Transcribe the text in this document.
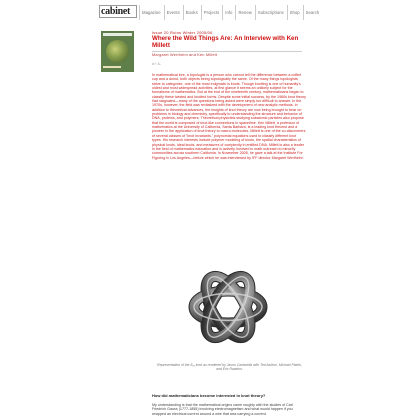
cabinet	Magazine	Events	Books	Projects	Info	Renew	Subscriptions	Shop	Search
Issue 20 Ruins Winter 2005/06
Where the Wild Things Are: An Interview with Ken Millett
Margaret Wertheim and Ken Millett
A+ A-

In mathematical lore, a topologist is a person who cannot tell the difference between a coffee cup and a donut, both objects being topologically the same. Of the many things topologists strive to categorize, one of the most enigmatic is knots. Though knotting is one of humanity's oldest and most widespread activities, at first glance it seems an unlikely subject for the formalisms of mathematics. But at the end of the nineteenth century, mathematicians began to classify these twisted and knotted forms. Despite some initial success, by the 1960s knot theory had stagnated—many of the questions being asked were simply too difficult to answer. In the 1970s, however, the field was revitalized with the development of new analytic methods. In addition to theoretical advances, the insights of knot theory are now being brought to bear on problems in biology and chemistry, specifically to understanding the structure and behavior of DNA, proteins, and polymers. Theoretical physicists studying subatomic particles also propose that the world is composed of knot-like connections in spacetime. Ken Millett, a professor of mathematics at the University of California, Santa Barbara, is a leading knot theorist and a pioneer in the application of knot theory to macro-molecules. Millett is one of the co-discoverers of several classes of "knot invariants," polynomial equations used to classify different knot types. His research interests include polymer modeling of knots, the spatial characteristics of physical knots, ideal knots, and measures of complexity in entitled DNA. Millett is also a leader in the field of mathematics education and is actively involved in math outreach to minority communities across southern California. In November 2005, he gave a talk at the Institute For Figuring in Los Angeles—before which he was interviewed by IFF director Margaret Wertheim.

Representation of the 8₁₈ knot as rendered by Jason Cantarella with Ted Ashton, Michael Piatek, and Eric Rawdon.

How did mathematicians become interested in knot theory?

My understanding is that the mathematical origins came roughly with the studies of Carl Friedrich Gauss (1777-1855) involving electromagnetism and what would happen if you wrapped an electrical current around a wire that was carrying a current.
